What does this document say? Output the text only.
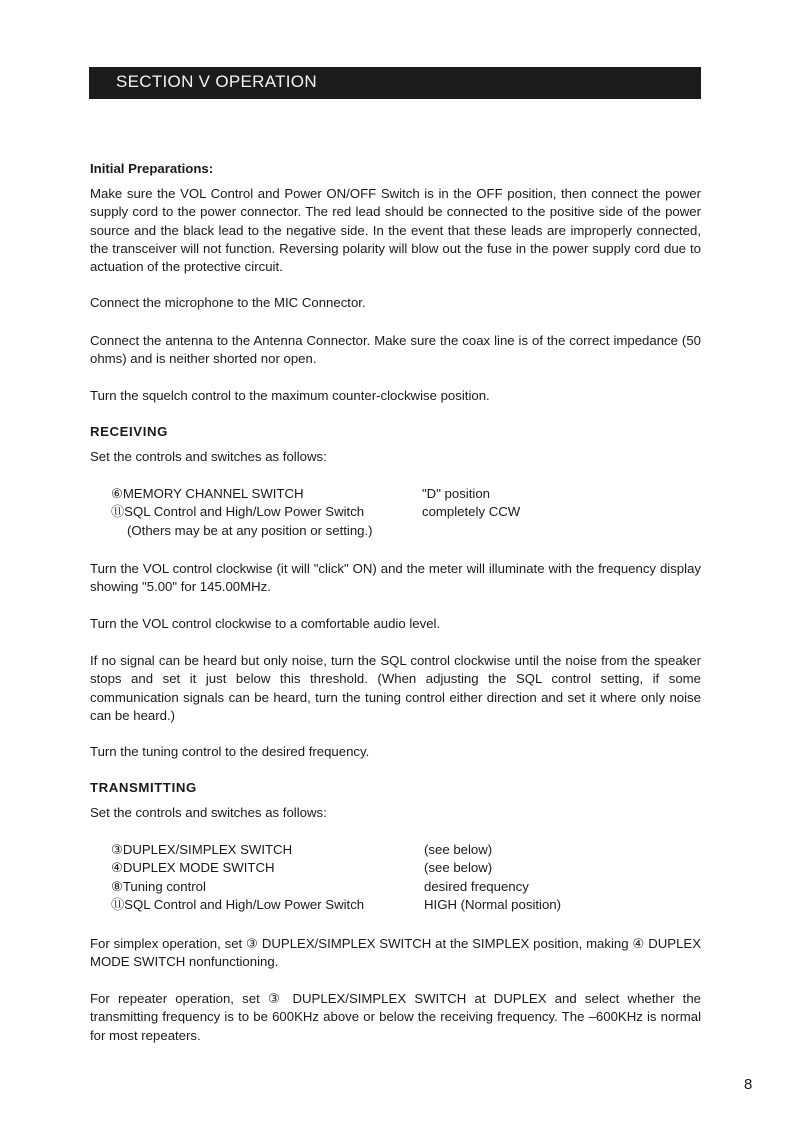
SECTION V OPERATION
Initial Preparations:
Make sure the VOL Control and Power ON/OFF Switch is in the OFF position, then connect the power supply cord to the power connector. The red lead should be connected to the positive side of the power source and the black lead to the negative side. In the event that these leads are improperly connected, the transceiver will not function. Reversing polarity will blow out the fuse in the power supply cord due to actuation of the protective circuit.
Connect the microphone to the MIC Connector.
Connect the antenna to the Antenna Connector. Make sure the coax line is of the correct impedance (50 ohms) and is neither shorted nor open.
Turn the squelch control to the maximum counter-clockwise position.
RECEIVING
Set the controls and switches as follows:
⑥MEMORY CHANNEL SWITCH	"D" position
⑪SQL Control and High/Low Power Switch	completely CCW
(Others may be at any position or setting.)
Turn the VOL control clockwise (it will "click" ON) and the meter will illuminate with the frequency display showing "5.00" for 145.00MHz.
Turn the VOL control clockwise to a comfortable audio level.
If no signal can be heard but only noise, turn the SQL control clockwise until the noise from the speaker stops and set it just below this threshold. (When adjusting the SQL control setting, if some communication signals can be heard, turn the tuning control either direction and set it where only noise can be heard.)
Turn the tuning control to the desired frequency.
TRANSMITTING
Set the controls and switches as follows:
③DUPLEX/SIMPLEX SWITCH	(see below)
④DUPLEX MODE SWITCH	(see below)
⑧Tuning control	desired frequency
⑪SQL Control and High/Low Power Switch	HIGH (Normal position)
For simplex operation, set ③ DUPLEX/SIMPLEX SWITCH at the SIMPLEX position, making ④ DUPLEX MODE SWITCH nonfunctioning.
For repeater operation, set ③ DUPLEX/SIMPLEX SWITCH at DUPLEX and select whether the transmitting frequency is to be 600KHz above or below the receiving frequency. The –600KHz is normal for most repeaters.
8
